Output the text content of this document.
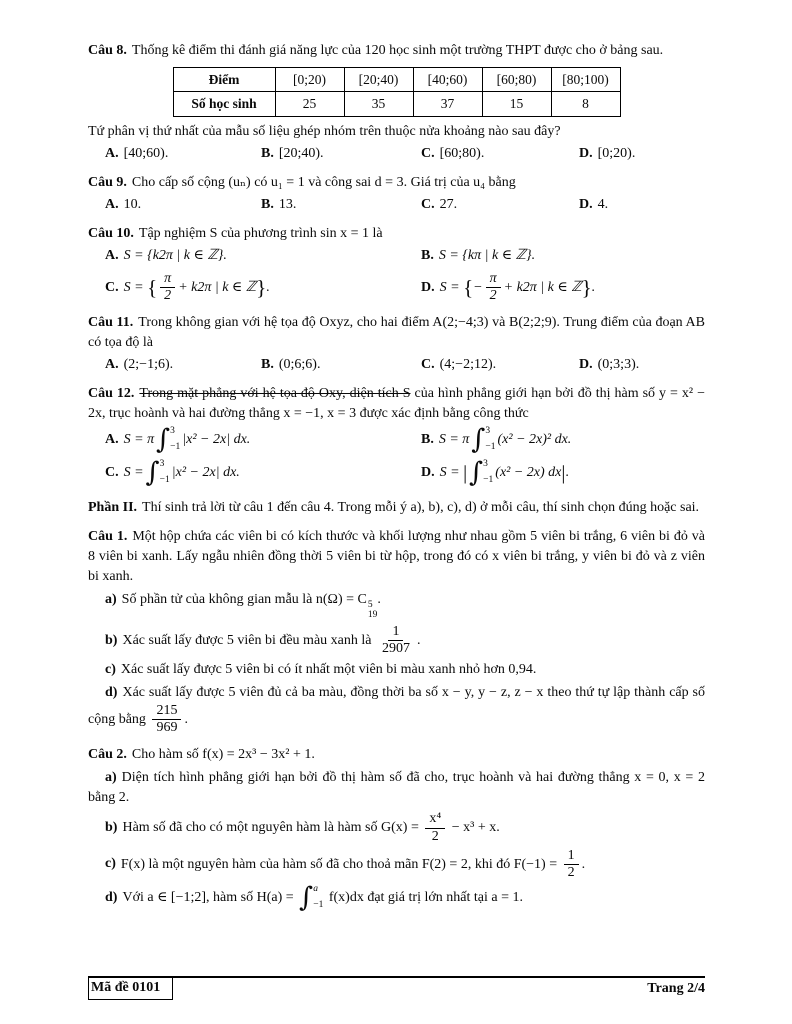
Câu 8. Thống kê điểm thi đánh giá năng lực của 120 học sinh một trường THPT được cho ở bảng sau.

Điểm	[0;20)	[20;40)	[40;60)	[60;80)	[80;100)
Số học sinh	25	35	37	15	8

Tứ phân vị thứ nhất của mẫu số liệu ghép nhóm trên thuộc nửa khoảng nào sau đây?

A. [40;60).	B. [20;40).	C. [60;80).	D. [0;20).

Câu 9. Cho cấp số cộng (uₙ) có u₁ = 1 và công sai d = 3. Giá trị của u₄ bằng

A. 10.	B. 13.	C. 27.	D. 4.

Câu 10. Tập nghiệm S của phương trình sin x = 1 là

A. S = {k2π | k ∈ ℤ}.	B. S = {kπ | k ∈ ℤ}.
C. S = { $\frac{\pi}{2} + k2\pi$ | k ∈ ℤ}.	D. S = {− $\frac{\pi}{2} + k2\pi$ | k ∈ ℤ}.

Câu 11. Trong không gian với hệ tọa độ Oxyz, cho hai điểm A(2;−4;3) và B(2;2;9). Trung điểm của đoạn AB có tọa độ là

A. (2;−1;6).	B. (0;6;6).	C. (4;−2;12).	D. (0;3;3).

Câu 12. Trong mặt phẳng với hệ tọa độ Oxy, diện tích S của hình phẳng giới hạn bởi đồ thị hàm số y = x² − 2x, trục hoành và hai đường thẳng x = −1, x = 3 được xác định bằng công thức

A. S = π ∫ 3
−1
|x² − 2x| dx.	B. S = π ∫ 3
−1
(x² − 2x)² dx.
C. S = ∫ 3
−1
|x² − 2x| dx.	D. S = | ∫ 3
−1
(x² − 2x) dx|.

Phần II. Thí sinh trả lời từ câu 1 đến câu 4. Trong mỗi ý a), b), c), d) ở mỗi câu, thí sinh chọn đúng hoặc sai.

Câu 1. Một hộp chứa các viên bi có kích thước và khối lượng như nhau gồm 5 viên bi trắng, 6 viên bi đỏ và 8 viên bi xanh. Lấy ngẫu nhiên đồng thời 5 viên bi từ hộp, trong đó có x viên bi trắng, y viên bi đỏ và z viên bi xanh.

a) Số phần tử của không gian mẫu là n(Ω) = C 5
19
.

b) Xác suất lấy được 5 viên bi đều màu xanh là $\frac{1}{2907}$ .

c) Xác suất lấy được 5 viên bi có ít nhất một viên bi màu xanh nhỏ hơn 0,94.

d) Xác suất lấy được 5 viên đủ cả ba màu, đồng thời ba số x − y, y − z, z − x theo thứ tự lập thành cấp số cộng bằng $\frac{215}{969}$ .

Câu 2. Cho hàm số f(x) = 2x³ − 3x² + 1.

a) Diện tích hình phẳng giới hạn bởi đồ thị hàm số đã cho, trục hoành và hai đường thẳng x = 0, x = 2 bằng 2.

b) Hàm số đã cho có một nguyên hàm là hàm số $G(x) = \frac{\text{x⁴}}{2} - x^3 + x$.

c) F(x) là một nguyên hàm của hàm số đã cho thoả mãn F(2) = 2, khi đó $F(-1) = \frac{1}{2}$ .

d) Với a ∈ [−1;2], hàm số H(a) = ∫ a
−1
f(x)dx đạt giá trị lớn nhất tại a = 1.

Mã đề 0101	Trang 2/4
